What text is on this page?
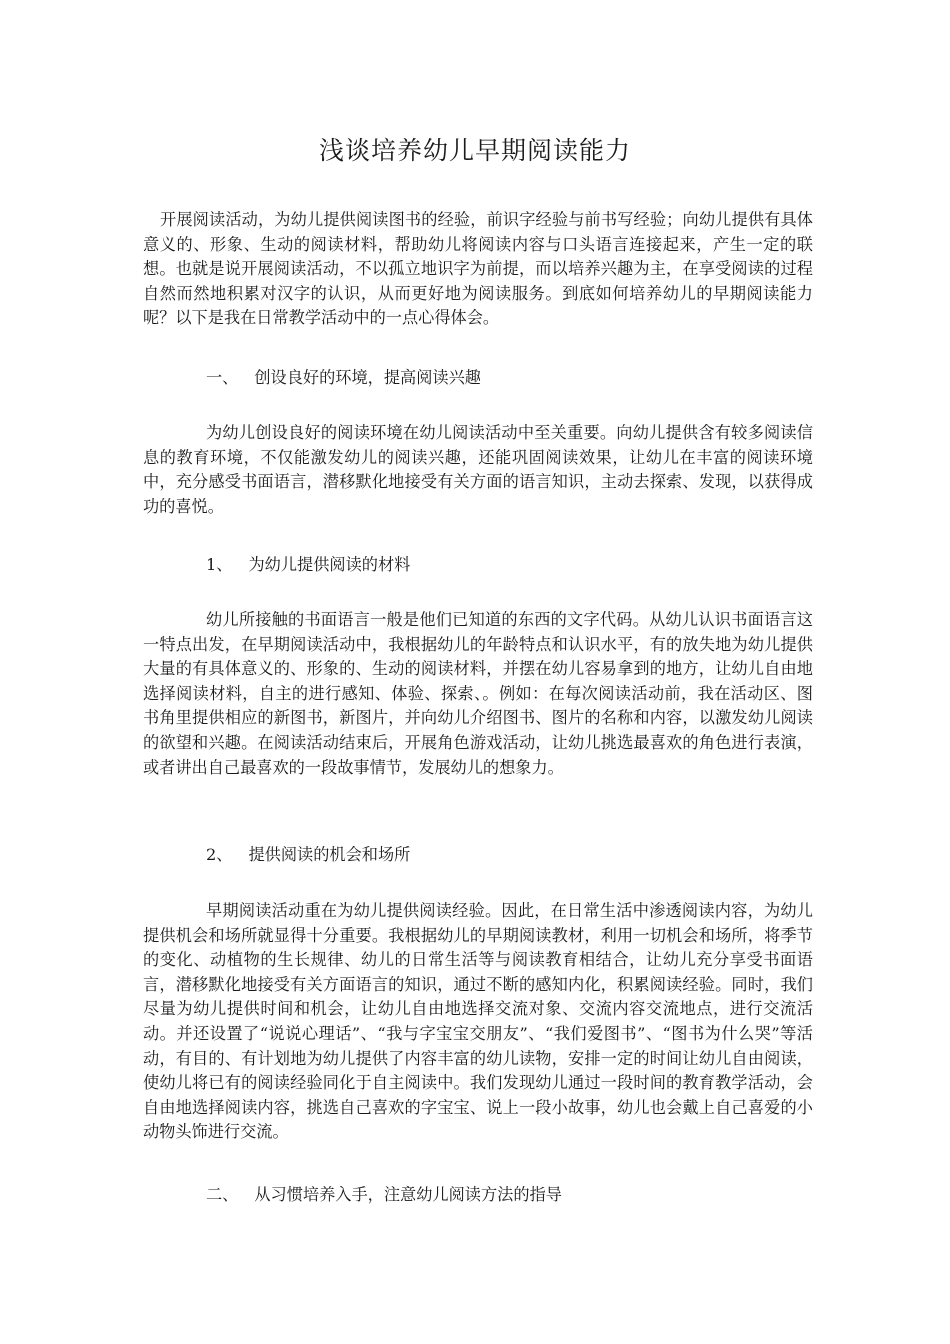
浅谈培养幼儿早期阅读能力

开展阅读活动，为幼儿提供阅读图书的经验，前识字经验与前书写经验；向幼儿提供有具体意义的、形象、生动的阅读材料，帮助幼儿将阅读内容与口头语言连接起来，产生一定的联想。也就是说开展阅读活动，不以孤立地识字为前提，而以培养兴趣为主，在享受阅读的过程自然而然地积累对汉字的认识，从而更好地为阅读服务。到底如何培养幼儿的早期阅读能力呢？以下是我在日常教学活动中的一点心得体会。

一、 创设良好的环境，提高阅读兴趣

为幼儿创设良好的阅读环境在幼儿阅读活动中至关重要。向幼儿提供含有较多阅读信息的教育环境，不仅能激发幼儿的阅读兴趣，还能巩固阅读效果，让幼儿在丰富的阅读环境中，充分感受书面语言，潜移默化地接受有关方面的语言知识，主动去探索、发现，以获得成功的喜悦。

1、 为幼儿提供阅读的材料

幼儿所接触的书面语言一般是他们已知道的东西的文字代码。从幼儿认识书面语言这一特点出发，在早期阅读活动中，我根据幼儿的年龄特点和认识水平，有的放失地为幼儿提供大量的有具体意义的、形象的、生动的阅读材料，并摆在幼儿容易拿到的地方，让幼儿自由地选择阅读材料，自主的进行感知、体验、探索、。例如：在每次阅读活动前，我在活动区、图书角里提供相应的新图书，新图片，并向幼儿介绍图书、图片的名称和内容，以激发幼儿阅读的欲望和兴趣。在阅读活动结束后，开展角色游戏活动，让幼儿挑选最喜欢的角色进行表演，或者讲出自己最喜欢的一段故事情节，发展幼儿的想象力。

2、 提供阅读的机会和场所

早期阅读活动重在为幼儿提供阅读经验。因此，在日常生活中渗透阅读内容，为幼儿提供机会和场所就显得十分重要。我根据幼儿的早期阅读教材，利用一切机会和场所，将季节的变化、动植物的生长规律、幼儿的日常生活等与阅读教育相结合，让幼儿充分享受书面语言，潜移默化地接受有关方面语言的知识，通过不断的感知内化，积累阅读经验。同时，我们尽量为幼儿提供时间和机会，让幼儿自由地选择交流对象、交流内容交流地点，进行交流活动。并还设置了“说说心理话”、“我与字宝宝交朋友”、“我们爱图书”、“图书为什么哭”等活动，有目的、有计划地为幼儿提供了内容丰富的幼儿读物，安排一定的时间让幼儿自由阅读，使幼儿将已有的阅读经验同化于自主阅读中。我们发现幼儿通过一段时间的教育教学活动，会自由地选择阅读内容，挑选自己喜欢的字宝宝、说上一段小故事，幼儿也会戴上自己喜爱的小动物头饰进行交流。

二、 从习惯培养入手，注意幼儿阅读方法的指导
